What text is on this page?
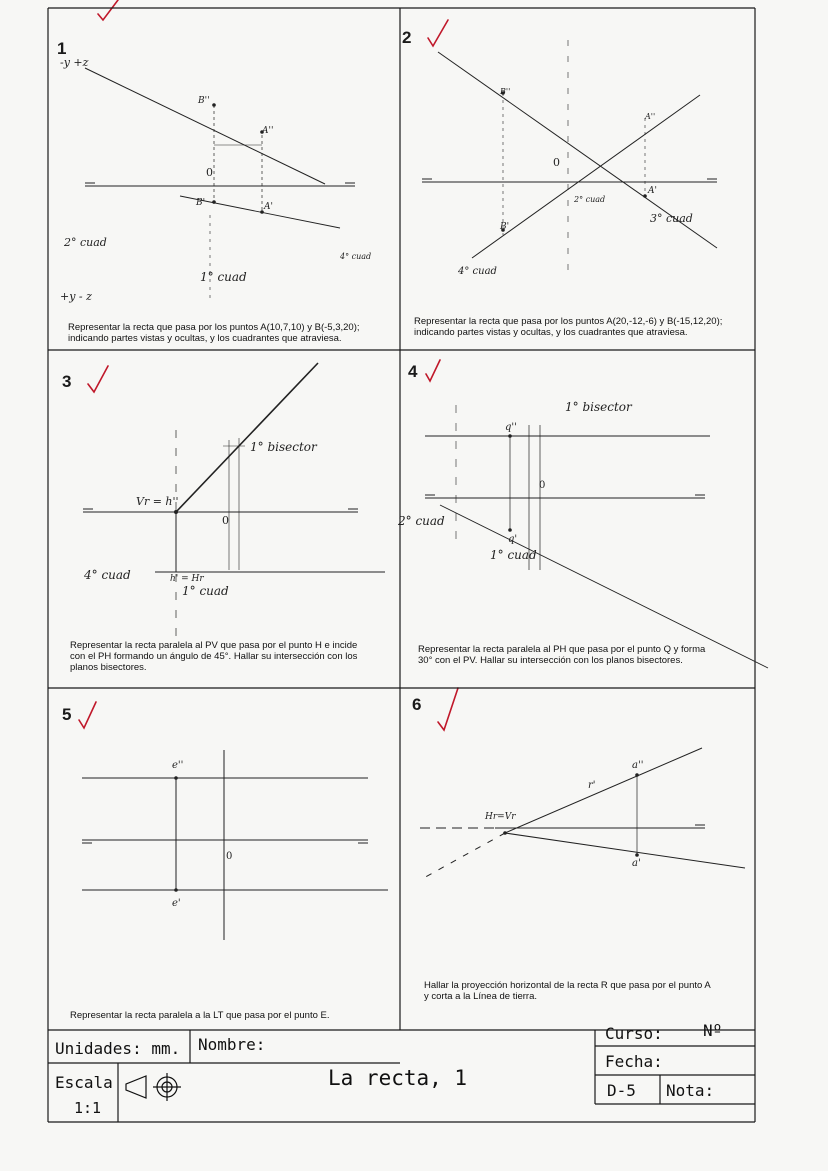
1
2
3
4
5
6
-y +z
+y - z
B''
A''
0
B'	A'
2° cuad
1° cuad
4° cuad
Representar la recta que pasa por los puntos A(10,7,10) y B(-5,3,20);
indicando partes vistas y ocultas, y los cuadrantes que atraviesa.
B''
A''
0
2° cuad
A'
3° cuad
B'
4° cuad
Representar la recta que pasa por los puntos A(20,-12,-6) y B(-15,12,20);
indicando partes vistas y ocultas, y los cuadrantes que atraviesa.
1° bisector
Vr = h''
0
4° cuad	h' = Hr
1° cuad
Representar la recta paralela al PV que pasa por el punto H e incide
con el PH formando un ángulo de 45°. Hallar su intersección con los
planos bisectores.
1° bisector
q''
0
2° cuad
q'
1° cuad
Representar la recta paralela al PH que pasa por el punto Q y forma
30° con el PV. Hallar su intersección con los planos bisectores.
e''
0
e'
Representar la recta paralela a la LT que pasa por el punto E.
a''
r'
Hr=Vr
a'
Hallar la proyección horizontal de la recta R que pasa por el punto A
y corta a la Línea de tierra.
Unidades: mm. Nombre:
Curso:	Nº
Fecha:
Escala
1:1
La recta, 1
D-5 Nota:
